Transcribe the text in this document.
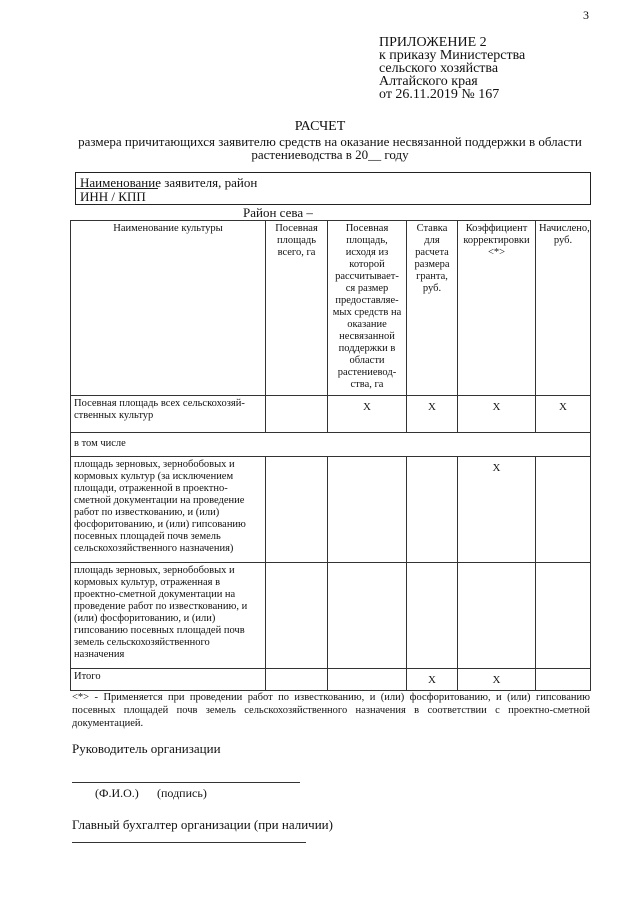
3
ПРИЛОЖЕНИЕ 2
к приказу Министерства
сельского хозяйства
Алтайского края
от 26.11.2019 № 167
РАСЧЕТ
размера причитающихся заявителю средств на оказание несвязанной поддержки в области
растениеводства в 20__ году
Наименование заявителя, район
ИНН / КПП
Район сева –
Наименование культуры	Посевная площадь всего, га	Посевная площадь, исходя из которой рассчитывает-ся размер предоставляе-мых средств на оказание несвязанной поддержки в области растениевод-ства, га	Ставка для расчета размера гранта, руб.	Коэффициент корректировки <*>	Начислено, руб.
Посевная площадь всех сельскохозяй-ственных культур		X	X	X	X
в том числе					
площадь зерновых, зернобобовых и кормовых культур (за исключением площади, отраженной в проектно-сметной документации на проведение работ по известкованию, и (или) фосфоритованию, и (или) гипсованию посевных площадей почв земель сельскохозяйственного назначения)				X	
площадь зерновых, зернобобовых и кормовых культур, отраженная в проектно-сметной документации на проведение работ по известкованию, и (или) фосфоритованию, и (или) гипсованию посевных площадей почв земель сельскохозяйственного назначения					
Итого			X	X	
<*> - Применяется при проведении работ по известкованию, и (или) фосфоритованию, и (или) гипсованию посевных площадей почв земель сельскохозяйственного назначения в соответствии с проектно-сметной документацией.
Руководитель организации
(Ф.И.О.) (подпись)
Главный бухгалтер организации (при наличии)
